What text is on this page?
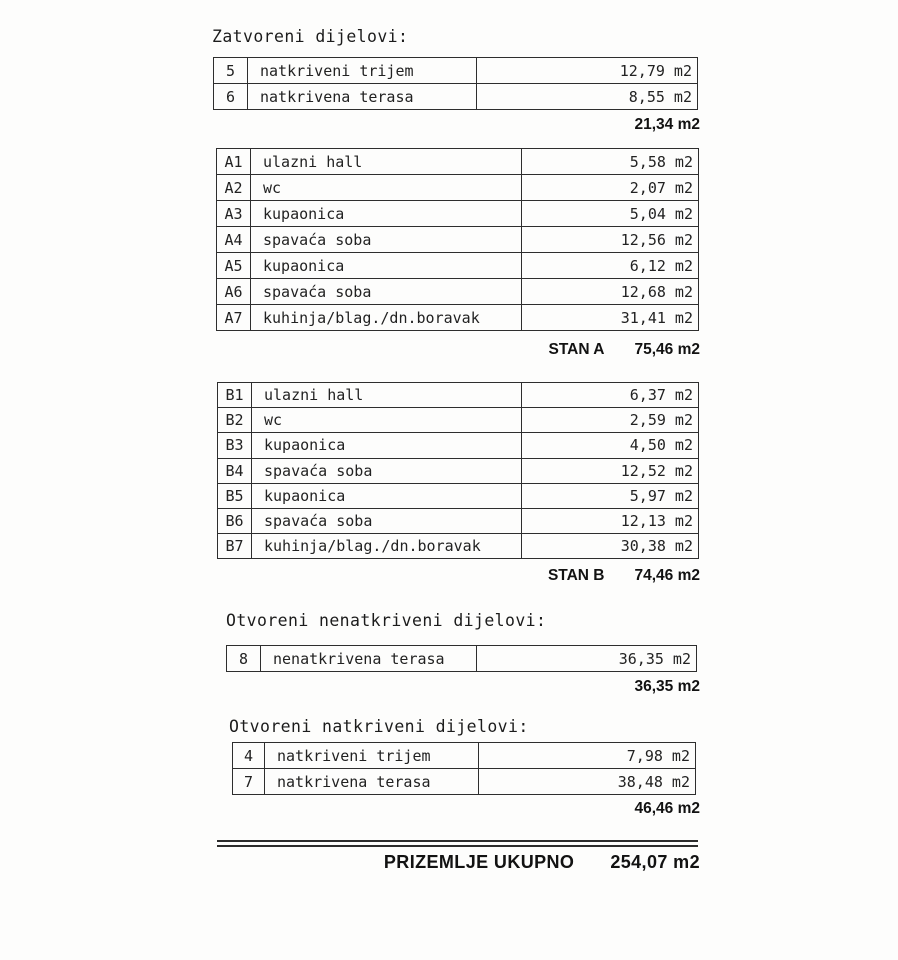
Zatvoreni dijelovi:
5	natkriveni trijem	12,79 m2
6	natkrivena terasa	8,55 m2
21,34 m2
A1	ulazni hall	5,58 m2
A2	wc	2,07 m2
A3	kupaonica	5,04 m2
A4	spavaća soba	12,56 m2
A5	kupaonica	6,12 m2
A6	spavaća soba	12,68 m2
A7	kuhinja/blag./dn.boravak	31,41 m2
STAN A 75,46 m2
B1	ulazni hall	6,37 m2
B2	wc	2,59 m2
B3	kupaonica	4,50 m2
B4	spavaća soba	12,52 m2
B5	kupaonica	5,97 m2
B6	spavaća soba	12,13 m2
B7	kuhinja/blag./dn.boravak	30,38 m2
STAN B 74,46 m2
Otvoreni nenatkriveni dijelovi:
8	nenatkrivena terasa	36,35 m2
36,35 m2
Otvoreni natkriveni dijelovi:
4	natkriveni trijem	7,98 m2
7	natkrivena terasa	38,48 m2
46,46 m2
PRIZEMLJE UKUPNO 254,07 m2
